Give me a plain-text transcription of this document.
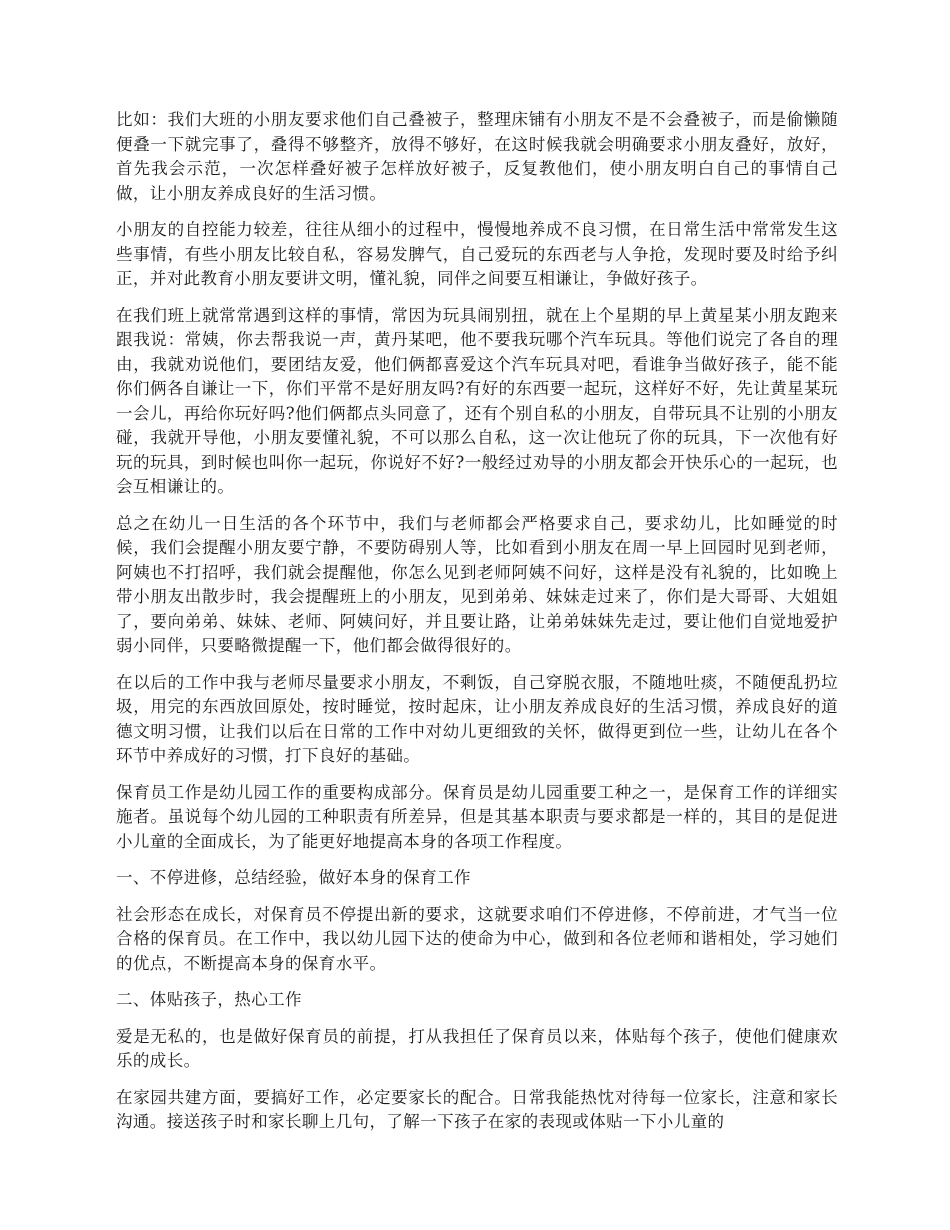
比如：我们大班的小朋友要求他们自己叠被子，整理床铺有小朋友不是不会叠被子，而是偷懒随便叠一下就完事了，叠得不够整齐，放得不够好，在这时候我就会明确要求小朋友叠好，放好，首先我会示范，一次怎样叠好被子怎样放好被子，反复教他们，使小朋友明白自己的事情自己做，让小朋友养成良好的生活习惯。

小朋友的自控能力较差，往往从细小的过程中，慢慢地养成不良习惯，在日常生活中常常发生这些事情，有些小朋友比较自私，容易发脾气，自己爱玩的东西老与人争抢，发现时要及时给予纠正，并对此教育小朋友要讲文明，懂礼貌，同伴之间要互相谦让，争做好孩子。

在我们班上就常常遇到这样的事情，常因为玩具闹别扭，就在上个星期的早上黄星某小朋友跑来跟我说：常姨，你去帮我说一声，黄丹某吧，他不要我玩哪个汽车玩具。等他们说完了各自的理由，我就劝说他们，要团结友爱，他们俩都喜爱这个汽车玩具对吧，看谁争当做好孩子，能不能你们俩各自谦让一下，你们平常不是好朋友吗?有好的东西要一起玩，这样好不好，先让黄星某玩一会儿，再给你玩好吗?他们俩都点头同意了，还有个别自私的小朋友，自带玩具不让别的小朋友碰，我就开导他，小朋友要懂礼貌，不可以那么自私，这一次让他玩了你的玩具，下一次他有好玩的玩具，到时候也叫你一起玩，你说好不好?一般经过劝导的小朋友都会开快乐心的一起玩，也会互相谦让的。

总之在幼儿一日生活的各个环节中，我们与老师都会严格要求自己，要求幼儿，比如睡觉的时候，我们会提醒小朋友要宁静，不要防碍别人等，比如看到小朋友在周一早上回园时见到老师，阿姨也不打招呼，我们就会提醒他，你怎么见到老师阿姨不问好，这样是没有礼貌的，比如晚上带小朋友出散步时，我会提醒班上的小朋友，见到弟弟、妹妹走过来了，你们是大哥哥、大姐姐了，要向弟弟、妹妹、老师、阿姨问好，并且要让路，让弟弟妹妹先走过，要让他们自觉地爱护弱小同伴，只要略微提醒一下，他们都会做得很好的。

在以后的工作中我与老师尽量要求小朋友，不剩饭，自己穿脱衣服，不随地吐痰，不随便乱扔垃圾，用完的东西放回原处，按时睡觉，按时起床，让小朋友养成良好的生活习惯，养成良好的道德文明习惯，让我们以后在日常的工作中对幼儿更细致的关怀，做得更到位一些，让幼儿在各个环节中养成好的习惯，打下良好的基础。

保育员工作是幼儿园工作的重要构成部分。保育员是幼儿园重要工种之一，是保育工作的详细实施者。虽说每个幼儿园的工种职责有所差异，但是其基本职责与要求都是一样的，其目的是促进小儿童的全面成长，为了能更好地提高本身的各项工作程度。

一、不停进修，总结经验，做好本身的保育工作

社会形态在成长，对保育员不停提出新的要求，这就要求咱们不停进修，不停前进，才气当一位合格的保育员。在工作中，我以幼儿园下达的使命为中心，做到和各位老师和谐相处，学习她们的优点，不断提高本身的保育水平。

二、体贴孩子，热心工作

爱是无私的，也是做好保育员的前提，打从我担任了保育员以来，体贴每个孩子，使他们健康欢乐的成长。

在家园共建方面，要搞好工作，必定要家长的配合。日常我能热忱对待每一位家长，注意和家长沟通。接送孩子时和家长聊上几句，了解一下孩子在家的表现或体贴一下小儿童的
